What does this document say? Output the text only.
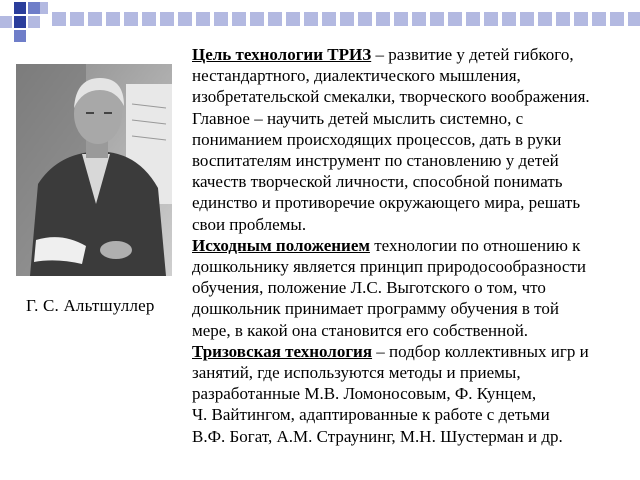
Г. С. Альтшуллер

Цель технологии ТРИЗ – развитие у детей гибкого,
нестандартного, диалектического мышления,
изобретательской смекалки, творческого воображения.
Главное – научить детей мыслить системно, с
пониманием происходящих процессов, дать в руки
воспитателям инструмент по становлению у детей
качеств творческой личности, способной понимать
единство и противоречие окружающего мира, решать
свои проблемы.

Исходным положением технологии по отношению к
дошкольнику является принцип природосообразности
обучения, положение Л.С. Выготского о том, что
дошкольник принимает программу обучения в той
мере, в какой она становится его собственной.

Тризовская технология – подбор коллективных игр и
занятий, где используются методы и приемы,
разработанные М.В. Ломоносовым, Ф. Кунцем,
Ч. Вайтингом, адаптированные к работе с детьми
В.Ф. Богат, А.М. Страунинг, М.Н. Шустерман и др.
